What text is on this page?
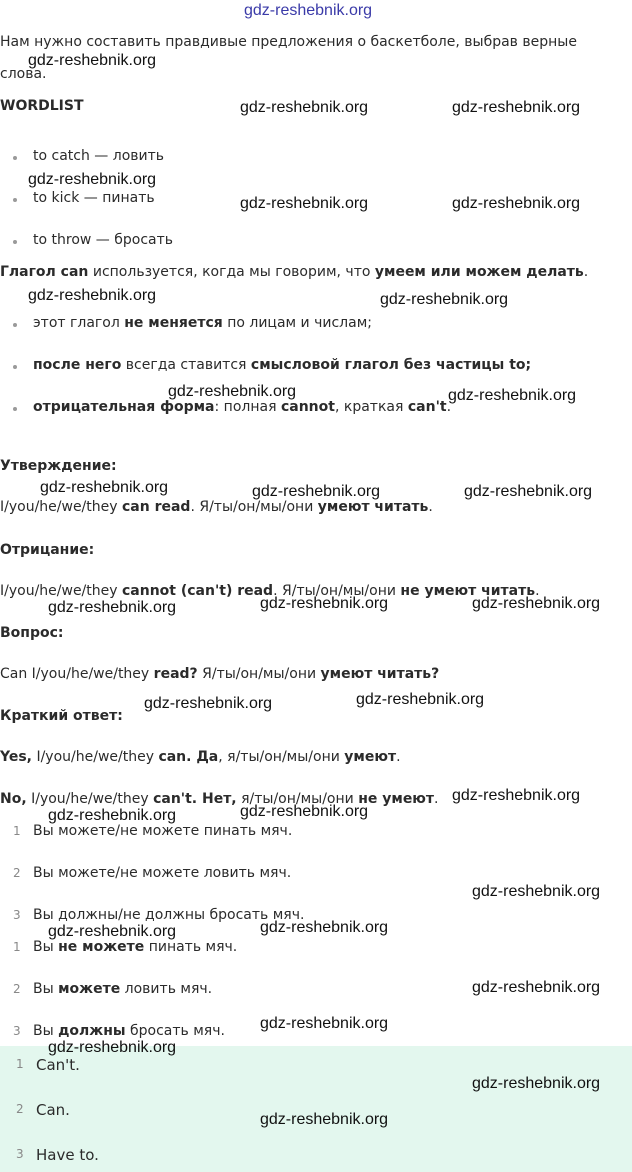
gdz-reshebnik.org
Нам нужно составить правдивые предложения о баскетболе, выбрав верные
слова.
WORDLIST
to catch — ловить
to kick — пинать
to throw — бросать
Глагол can используется, когда мы говорим, что умеем или можем делать.
этот глагол не меняется по лицам и числам;
после него всегда ставится смысловой глагол без частицы to;
отрицательная форма: полная cannot, краткая can't.
Утверждение:
I/you/he/we/they can read. Я/ты/он/мы/они умеют читать.
Отрицание:
I/you/he/we/they cannot (can't) read. Я/ты/он/мы/они не умеют читать.
Вопрос:
Can I/you/he/we/they read? Я/ты/он/мы/они умеют читать?
Краткий ответ:
Yes, I/you/he/we/they can. Да, я/ты/он/мы/они умеют.
No, I/you/he/we/they can't. Нет, я/ты/он/мы/они не умеют.
1 Вы можете/не можете пинать мяч.
2 Вы можете/не можете ловить мяч.
3 Вы должны/не должны бросать мяч.
1 Вы не можете пинать мяч.
2 Вы можете ловить мяч.
3 Вы должны бросать мяч.
1 Can't.
2 Can.
3 Have to.
gdz-reshebnik.org
gdz-reshebnik.org	gdz-reshebnik.org
gdz-reshebnik.org
gdz-reshebnik.org	gdz-reshebnik.org
gdz-reshebnik.org	gdz-reshebnik.org
gdz-reshebnik.org	gdz-reshebnik.org
gdz-reshebnik.org	gdz-reshebnik.org	gdz-reshebnik.org
gdz-reshebnik.org	gdz-reshebnik.org	gdz-reshebnik.org
gdz-reshebnik.org	gdz-reshebnik.org
gdz-reshebnik.org
gdz-reshebnik.org
gdz-reshebnik.org
gdz-reshebnik.org
gdz-reshebnik.org	gdz-reshebnik.org
gdz-reshebnik.org
gdz-reshebnik.org
gdz-reshebnik.org
gdz-reshebnik.org
gdz-reshebnik.org
